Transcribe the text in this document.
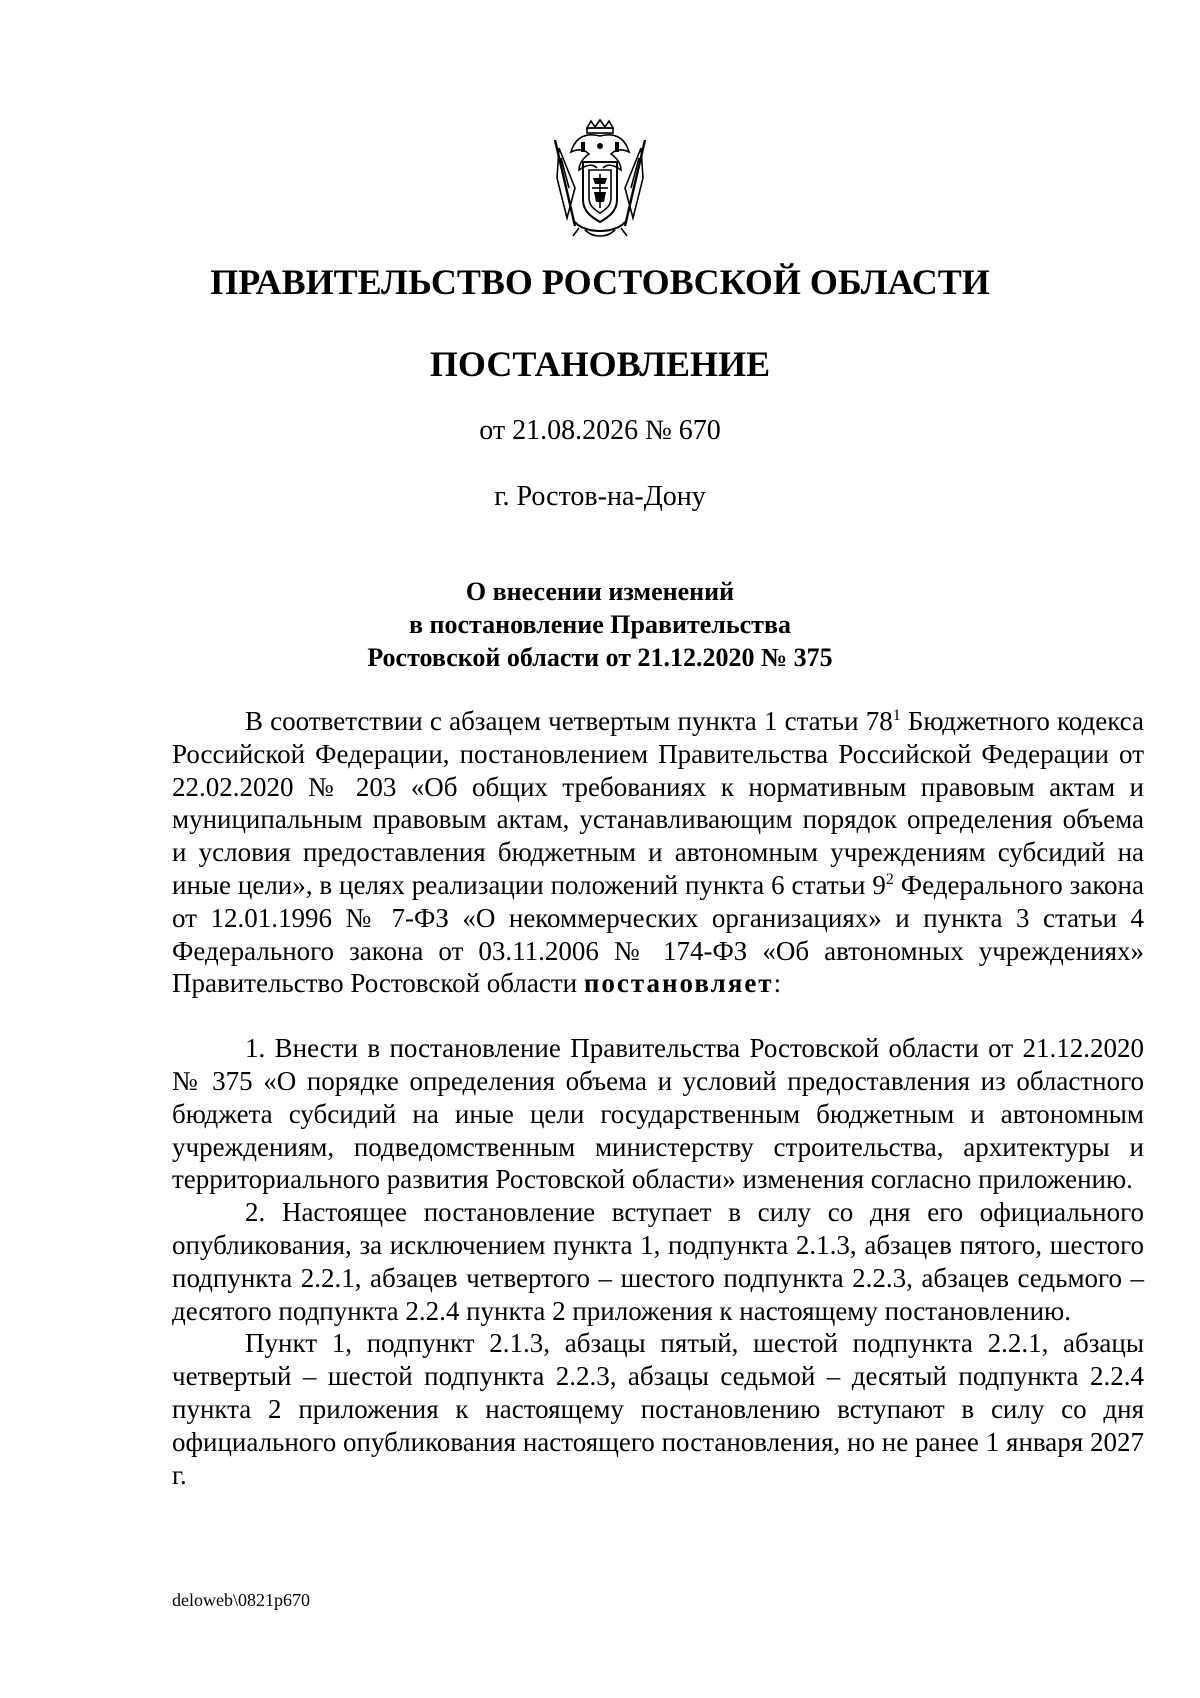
ПРАВИТЕЛЬСТВО РОСТОВСКОЙ ОБЛАСТИ
ПОСТАНОВЛЕНИЕ
от 21.08.2026 № 670
г. Ростов-на-Дону
О внесении изменений
в постановление Правительства
Ростовской области от 21.12.2020 № 375

В соответствии с абзацем четвертым пункта 1 статьи $78^1$ Бюджетного кодекса Российской Федерации, постановлением Правительства Российской Федерации от 22.02.2020 № 203 «Об общих требованиях к нормативным правовым актам и муниципальным правовым актам, устанавливающим порядок определения объема и условия предоставления бюджетным и автономным учреждениям субсидий на иные цели», в целях реализации положений пункта 6 статьи $9^2$ Федерального закона от 12.01.1996 № 7-ФЗ «О некоммерческих организациях» и пункта 3 статьи 4 Федерального закона от 03.11.2006 № 174-ФЗ «Об автономных учреждениях» Правительство Ростовской области постановляет:

1. Внести в постановление Правительства Ростовской области от 21.12.2020 № 375 «О порядке определения объема и условий предоставления из областного бюджета субсидий на иные цели государственным бюджетным и автономным учреждениям, подведомственным министерству строительства, архитектуры и территориального развития Ростовской области» изменения согласно приложению.

2. Настоящее постановление вступает в силу со дня его официального опубликования, за исключением пункта 1, подпункта 2.1.3, абзацев пятого, шестого подпункта 2.2.1, абзацев четвертого – шестого подпункта 2.2.3, абзацев седьмого – десятого подпункта 2.2.4 пункта 2 приложения к настоящему постановлению.

Пункт 1, подпункт 2.1.3, абзацы пятый, шестой подпункта 2.2.1, абзацы четвертый – шестой подпункта 2.2.3, абзацы седьмой – десятый подпункта 2.2.4 пункта 2 приложения к настоящему постановлению вступают в силу со дня официального опубликования настоящего постановления, но не ранее 1 января 2027 г.

deloweb\0821p670
